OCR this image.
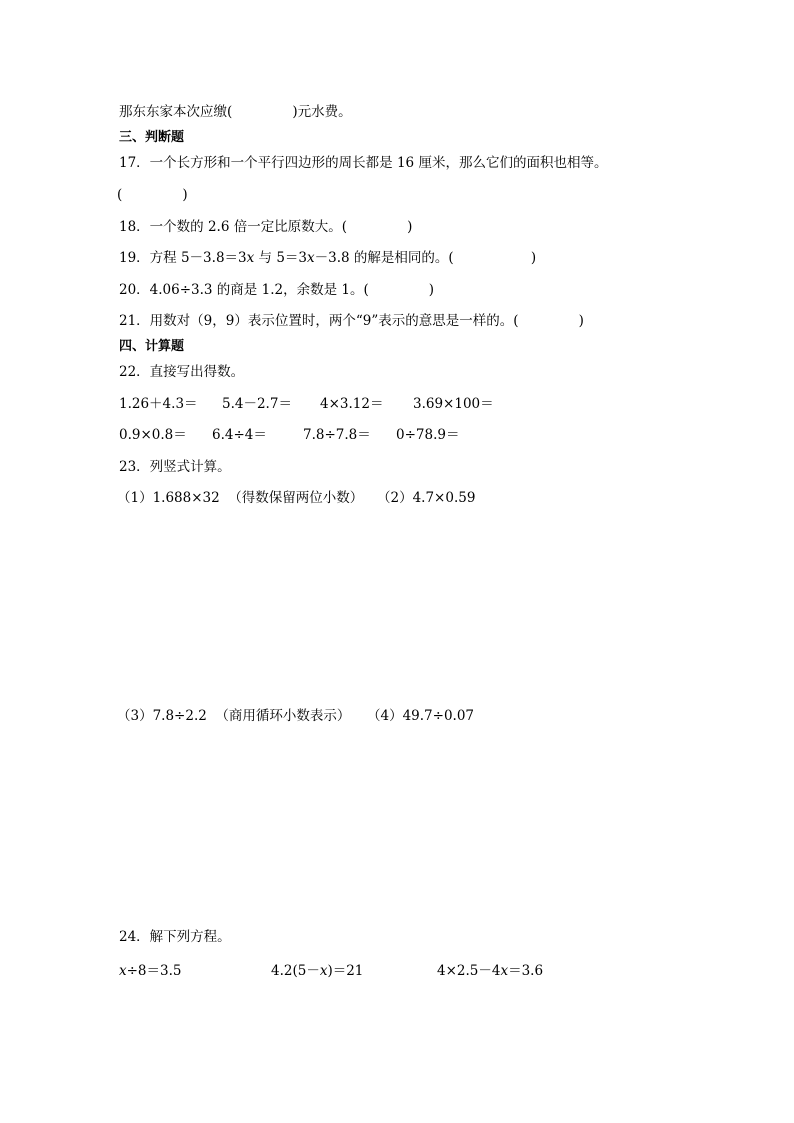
那东东家本次应缴(              )元水费。
三、判断题
17．一个长方形和一个平行四边形的周长都是 16 厘米，那么它们的面积也相等。
(              )
18．一个数的 2.6 倍一定比原数大。(              )
19．方程 5－3.8＝3x 与 5＝3x－3.8 的解是相同的。(                  )
20．4.06÷3.3 的商是 1.2，余数是 1。(              )
21．用数对（9，9）表示位置时，两个“9”表示的意思是一样的。(              )
四、计算题
22．直接写出得数。
1.26＋4.3＝ 5.4－2.7＝ 4×3.12＝ 3.69×100＝
0.9×0.8＝ 6.4÷4＝	7.8÷7.8＝ 0÷78.9＝
23．列竖式计算。
（1）1.688×32  （得数保留两位小数） （2）4.7×0.59
（3）7.8÷2.2  （商用循环小数表示） （4）49.7÷0.07
24．解下列方程。
x÷8＝3.5	4.2(5－x)＝21	4×2.5－4x＝3.6
